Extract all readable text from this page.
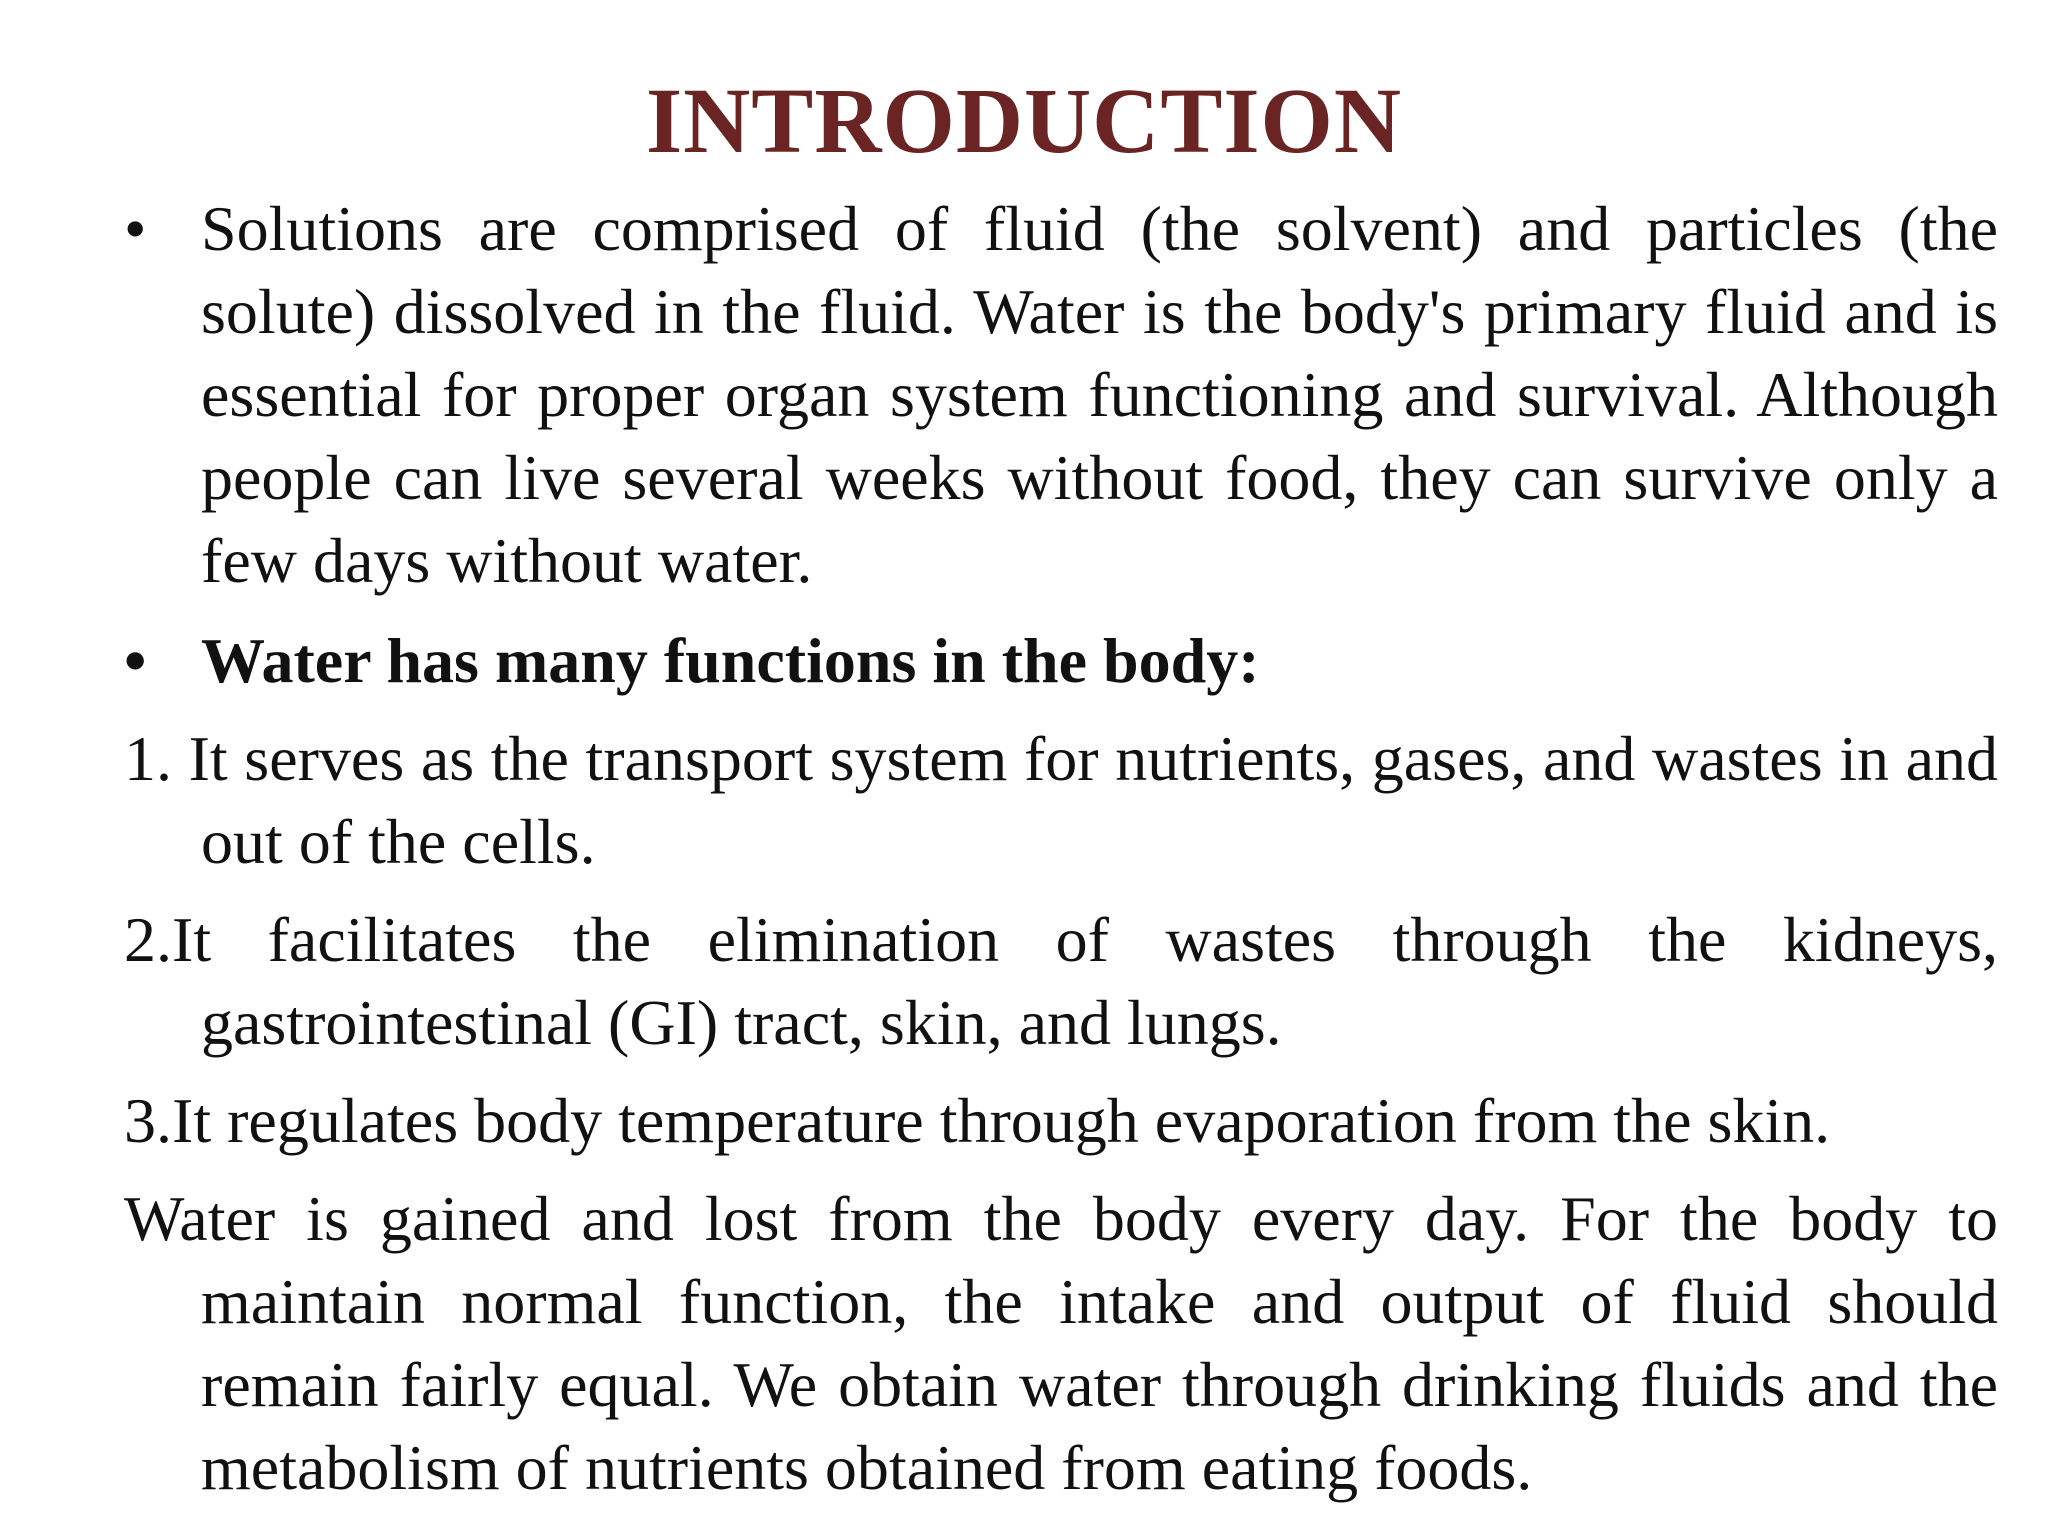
INTRODUCTION

• Solutions are comprised of fluid (the solvent) and particles (the solute) dissolved in the fluid. Water is the body's primary fluid and is essential for proper organ system functioning and survival. Although people can live several weeks without food, they can survive only a few days without water.

• Water has many functions in the body:

1. It serves as the transport system for nutrients, gases, and wastes in and out of the cells.

2.It facilitates the elimination of wastes through the kidneys, gastrointestinal (GI) tract, skin, and lungs.

3.It regulates body temperature through evaporation from the skin.

Water is gained and lost from the body every day. For the body to maintain normal function, the intake and output of fluid should remain fairly equal. We obtain water through drinking fluids and the metabolism of nutrients obtained from eating foods.
